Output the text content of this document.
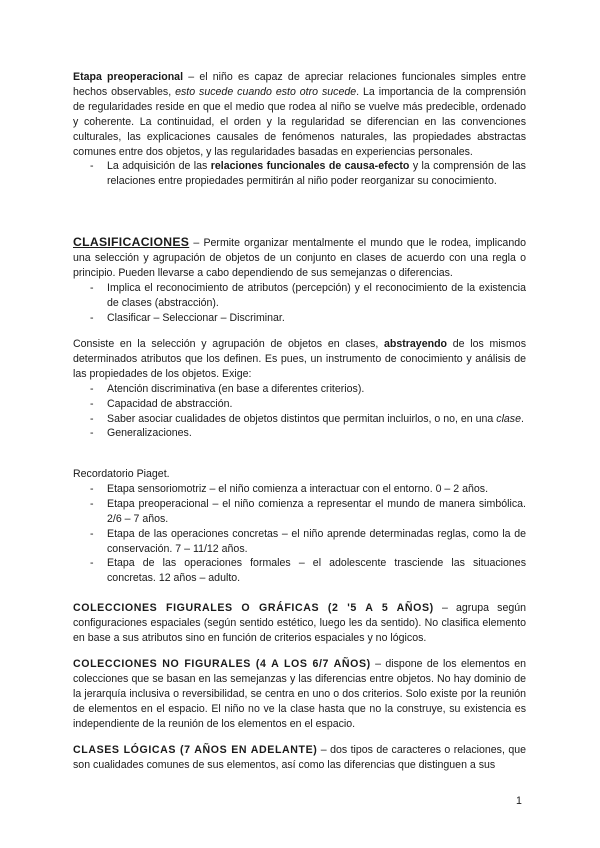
Etapa preoperacional – el niño es capaz de apreciar relaciones funcionales simples entre hechos observables, esto sucede cuando esto otro sucede. La importancia de la comprensión de regularidades reside en que el medio que rodea al niño se vuelve más predecible, ordenado y coherente. La continuidad, el orden y la regularidad se diferencian en las convenciones culturales, las explicaciones causales de fenómenos naturales, las propiedades abstractas comunes entre dos objetos, y las regularidades basadas en experiencias personales.

- La adquisición de las relaciones funcionales de causa-efecto y la comprensión de las relaciones entre propiedades permitirán al niño poder reorganizar su conocimiento.

CLASIFICACIONES – Permite organizar mentalmente el mundo que le rodea, implicando una selección y agrupación de objetos de un conjunto en clases de acuerdo con una regla o principio. Pueden llevarse a cabo dependiendo de sus semejanzas o diferencias.

- Implica el reconocimiento de atributos (percepción) y el reconocimiento de la existencia de clases (abstracción).
- Clasificar – Seleccionar – Discriminar.

Consiste en la selección y agrupación de objetos en clases, abstrayendo de los mismos determinados atributos que los definen. Es pues, un instrumento de conocimiento y análisis de las propiedades de los objetos. Exige:

- Atención discriminativa (en base a diferentes criterios).
- Capacidad de abstracción.
- Saber asociar cualidades de objetos distintos que permitan incluirlos, o no, en una clase.
- Generalizaciones.

Recordatorio Piaget.

- Etapa sensoriomotriz – el niño comienza a interactuar con el entorno. 0 – 2 años.
- Etapa preoperacional – el niño comienza a representar el mundo de manera simbólica. 2/6 – 7 años.
- Etapa de las operaciones concretas – el niño aprende determinadas reglas, como la de conservación. 7 – 11/12 años.
- Etapa de las operaciones formales – el adolescente trasciende las situaciones concretas. 12 años – adulto.

COLECCIONES FIGURALES O GRÁFICAS (2 '5 A 5 AÑOS) – agrupa según configuraciones espaciales (según sentido estético, luego les da sentido). No clasifica elemento en base a sus atributos sino en función de criterios espaciales y no lógicos.

COLECCIONES NO FIGURALES (4 A LOS 6/7 AÑOS) – dispone de los elementos en colecciones que se basan en las semejanzas y las diferencias entre objetos. No hay dominio de la jerarquía inclusiva o reversibilidad, se centra en uno o dos criterios. Solo existe por la reunión de elementos en el espacio. El niño no ve la clase hasta que no la construye, su existencia es independiente de la reunión de los elementos en el espacio.

CLASES LÓGICAS (7 AÑOS EN ADELANTE) – dos tipos de caracteres o relaciones, que son cualidades comunes de sus elementos, así como las diferencias que distinguen a sus

1
